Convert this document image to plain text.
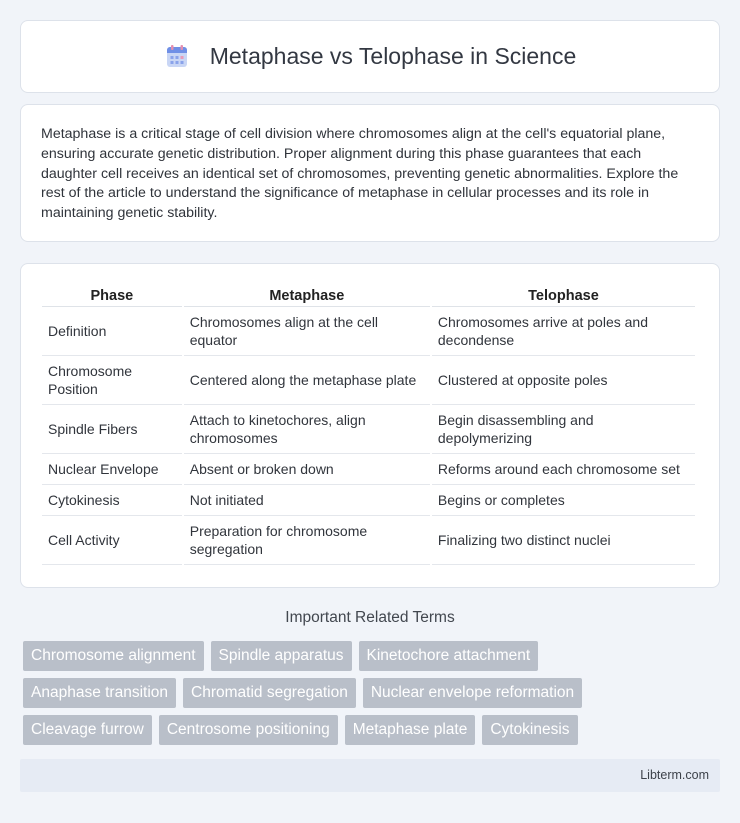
Metaphase vs Telophase in Science

Metaphase is a critical stage of cell division where chromosomes align at the cell's equatorial plane, ensuring accurate genetic distribution. Proper alignment during this phase guarantees that each daughter cell receives an identical set of chromosomes, preventing genetic abnormalities. Explore the rest of the article to understand the significance of metaphase in cellular processes and its role in maintaining genetic stability.

Phase	Metaphase	Telophase
Definition	Chromosomes align at the cell equator	Chromosomes arrive at poles and decondense
Chromosome Position	Centered along the metaphase plate	Clustered at opposite poles
Spindle Fibers	Attach to kinetochores, align chromosomes	Begin disassembling and depolymerizing
Nuclear Envelope	Absent or broken down	Reforms around each chromosome set
Cytokinesis	Not initiated	Begins or completes
Cell Activity	Preparation for chromosome segregation	Finalizing two distinct nuclei
Important Related Terms
Chromosome alignment	Spindle apparatus	Kinetochore attachment
Anaphase transition	Chromatid segregation	Nuclear envelope reformation
Cleavage furrow	Centrosome positioning	Metaphase plate	Cytokinesis
Libterm.com
